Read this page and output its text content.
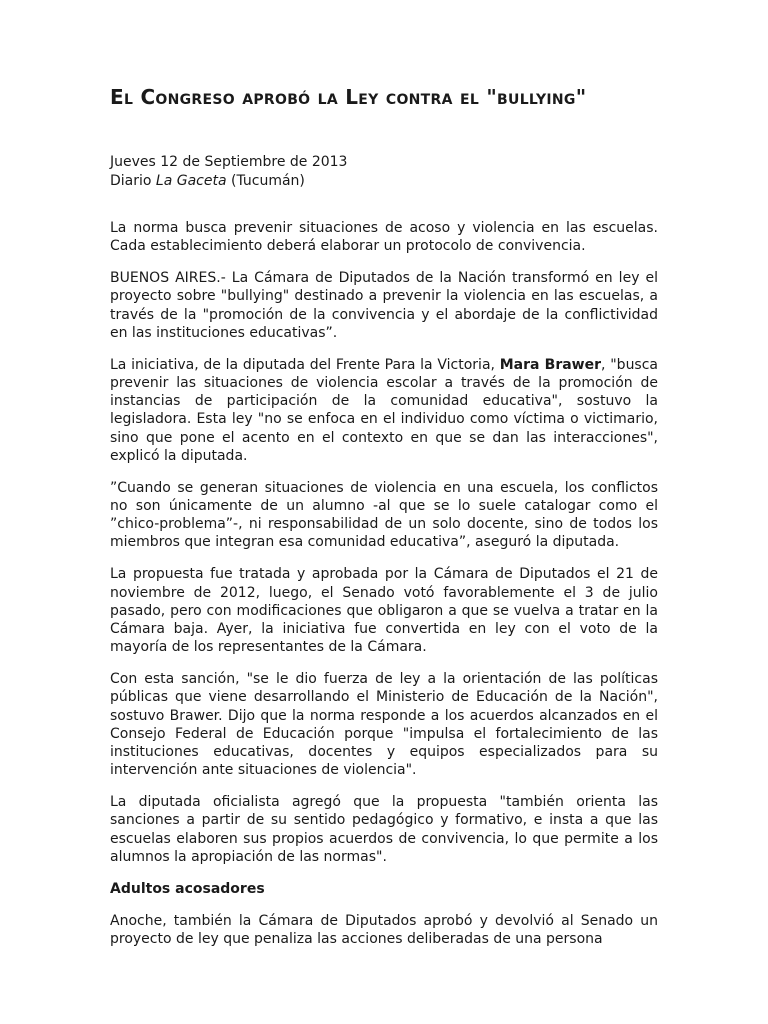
El Congreso aprobó la Ley contra el "bullying"
Jueves 12 de Septiembre de 2013
Diario La Gaceta (Tucumán)

La norma busca prevenir situaciones de acoso y violencia en las escuelas. Cada establecimiento deberá elaborar un protocolo de convivencia.

BUENOS AIRES.- La Cámara de Diputados de la Nación transformó en ley el proyecto sobre "bullying" destinado a prevenir la violencia en las escuelas, a través de la "promoción de la convivencia y el abordaje de la conflictividad en las instituciones educativas”.

La iniciativa, de la diputada del Frente Para la Victoria, Mara Brawer, "busca prevenir las situaciones de violencia escolar a través de la promoción de instancias de participación de la comunidad educativa", sostuvo la legisladora. Esta ley "no se enfoca en el individuo como víctima o victimario, sino que pone el acento en el contexto en que se dan las interacciones", explicó la diputada.

”Cuando se generan situaciones de violencia en una escuela, los conflictos no son únicamente de un alumno -al que se lo suele catalogar como el ”chico-problema”-, ni responsabilidad de un solo docente, sino de todos los miembros que integran esa comunidad educativa”, aseguró la diputada.

La propuesta fue tratada y aprobada por la Cámara de Diputados el 21 de noviembre de 2012, luego, el Senado votó favorablemente el 3 de julio pasado, pero con modificaciones que obligaron a que se vuelva a tratar en la Cámara baja. Ayer, la iniciativa fue convertida en ley con el voto de la mayoría de los representantes de la Cámara.

Con esta sanción, "se le dio fuerza de ley a la orientación de las políticas públicas que viene desarrollando el Ministerio de Educación de la Nación", sostuvo Brawer. Dijo que la norma responde a los acuerdos alcanzados en el Consejo Federal de Educación porque "impulsa el fortalecimiento de las instituciones educativas, docentes y equipos especializados para su intervención ante situaciones de violencia".

La diputada oficialista agregó que la propuesta "también orienta las sanciones a partir de su sentido pedagógico y formativo, e insta a que las escuelas elaboren sus propios acuerdos de convivencia, lo que permite a los alumnos la apropiación de las normas".

Adultos acosadores

Anoche, también la Cámara de Diputados aprobó y devolvió al Senado un proyecto de ley que penaliza las acciones deliberadas de una persona
